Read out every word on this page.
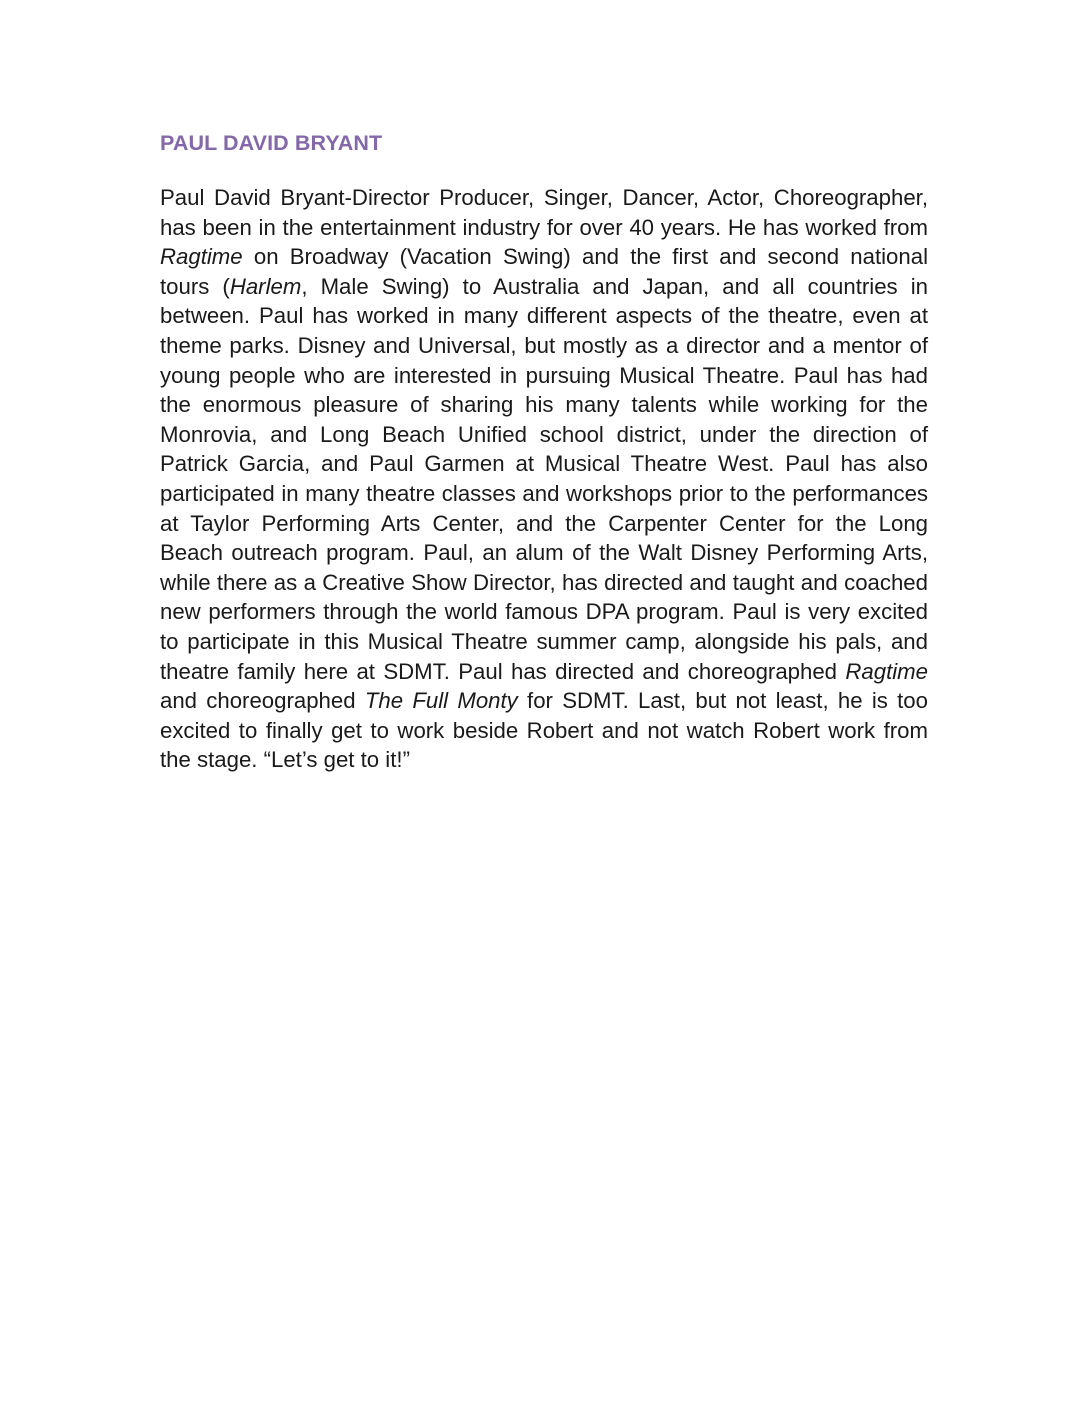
PAUL DAVID BRYANT

Paul David Bryant-Director Producer, Singer, Dancer, Actor, Choreographer, has been in the entertainment industry for over 40 years. He has worked from Ragtime on Broadway (Vacation Swing) and the first and second national tours (Harlem, Male Swing) to Australia and Japan, and all countries in between. Paul has worked in many different aspects of the theatre, even at theme parks. Disney and Universal, but mostly as a director and a mentor of young people who are interested in pursuing Musical Theatre. Paul has had the enormous pleasure of sharing his many talents while working for the Monrovia, and Long Beach Unified school district, under the direction of Patrick Garcia, and Paul Garmen at Musical Theatre West. Paul has also participated in many theatre classes and workshops prior to the performances at Taylor Performing Arts Center, and the Carpenter Center for the Long Beach outreach program. Paul, an alum of the Walt Disney Performing Arts, while there as a Creative Show Director, has directed and taught and coached new performers through the world famous DPA program. Paul is very excited to participate in this Musical Theatre summer camp, alongside his pals, and theatre family here at SDMT. Paul has directed and choreographed Ragtime and choreographed The Full Monty for SDMT. Last, but not least, he is too excited to finally get to work beside Robert and not watch Robert work from the stage. “Let’s get to it!”
